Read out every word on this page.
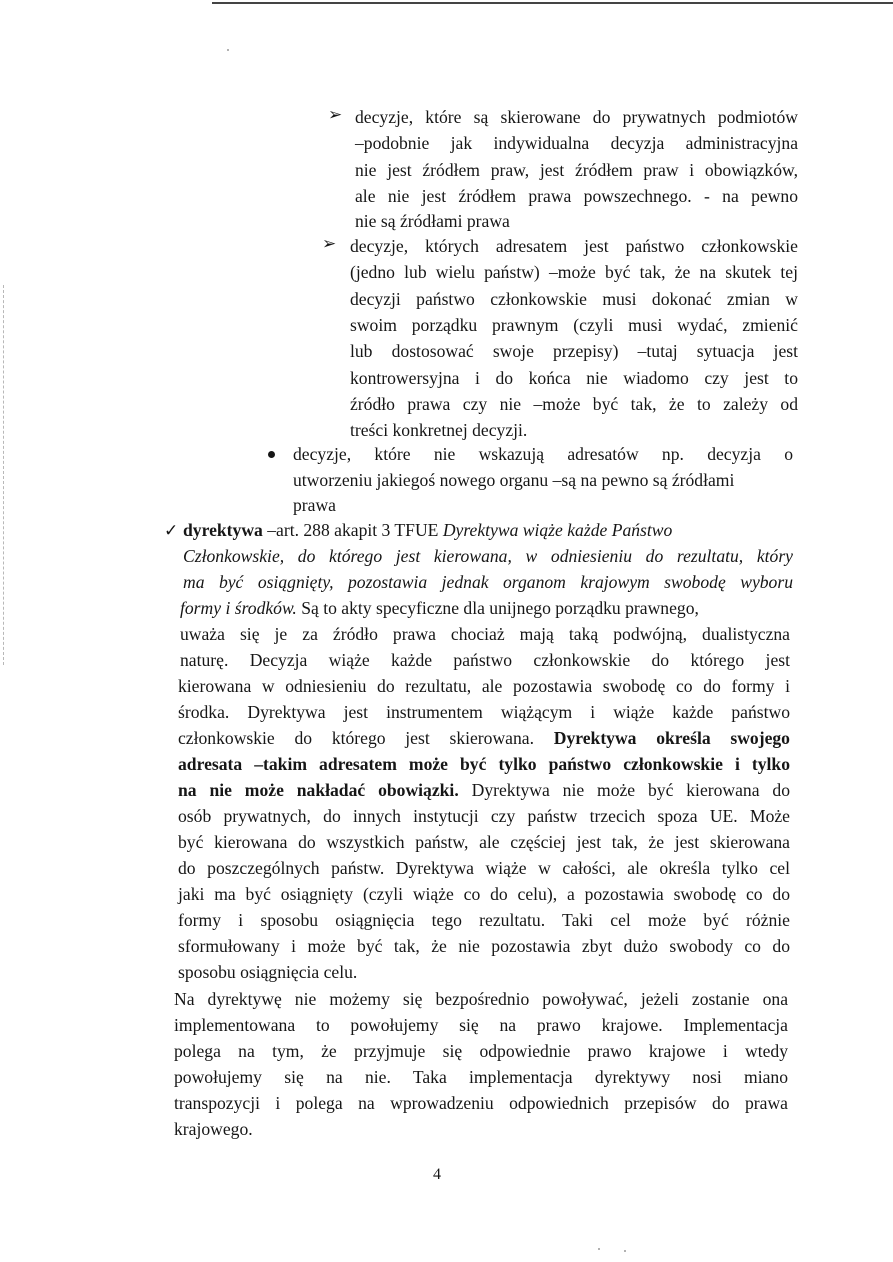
➢ decyzje, które są skierowane do prywatnych podmiotów
–podobnie jak indywidualna decyzja administracyjna
nie jest źródłem praw, jest źródłem praw i obowiązków,
ale nie jest źródłem prawa powszechnego. - na pewno
nie są źródłami prawa
➢ decyzje, których adresatem jest państwo członkowskie
(jedno lub wielu państw) –może być tak, że na skutek tej
decyzji państwo członkowskie musi dokonać zmian w
swoim porządku prawnym (czyli musi wydać, zmienić
lub dostosować swoje przepisy) –tutaj sytuacja jest
kontrowersyjna i do końca nie wiadomo czy jest to
źródło prawa czy nie –może być tak, że to zależy od
treści konkretnej decyzji.
decyzje, które nie wskazują adresatów np. decyzja o
utworzeniu jakiegoś nowego organu –są na pewno są źródłami
prawa
✓ dyrektywa –art. 288 akapit 3 TFUE Dyrektywa wiąże każde Państwo
Członkowskie, do którego jest kierowana, w odniesieniu do rezultatu, który
ma być osiągnięty, pozostawia jednak organom krajowym swobodę wyboru
formy i środków. Są to akty specyficzne dla unijnego porządku prawnego,
uważa się je za źródło prawa chociaż mają taką podwójną, dualistyczna
naturę. Decyzja wiąże każde państwo członkowskie do którego jest
kierowana w odniesieniu do rezultatu, ale pozostawia swobodę co do formy i
środka. Dyrektywa jest instrumentem wiążącym i wiąże każde państwo
członkowskie do którego jest skierowana. Dyrektywa określa swojego
adresata –takim adresatem może być tylko państwo członkowskie i tylko
na nie może nakładać obowiązki. Dyrektywa nie może być kierowana do
osób prywatnych, do innych instytucji czy państw trzecich spoza UE. Może
być kierowana do wszystkich państw, ale częściej jest tak, że jest skierowana
do poszczególnych państw. Dyrektywa wiąże w całości, ale określa tylko cel
jaki ma być osiągnięty (czyli wiąże co do celu), a pozostawia swobodę co do
formy i sposobu osiągnięcia tego rezultatu. Taki cel może być różnie
sformułowany i może być tak, że nie pozostawia zbyt dużo swobody co do
sposobu osiągnięcia celu.
Na dyrektywę nie możemy się bezpośrednio powoływać, jeżeli zostanie ona
implementowana to powołujemy się na prawo krajowe. Implementacja
polega na tym, że przyjmuje się odpowiednie prawo krajowe i wtedy
powołujemy się na nie. Taka implementacja dyrektywy nosi miano
transpozycji i polega na wprowadzeniu odpowiednich przepisów do prawa
krajowego.
4
